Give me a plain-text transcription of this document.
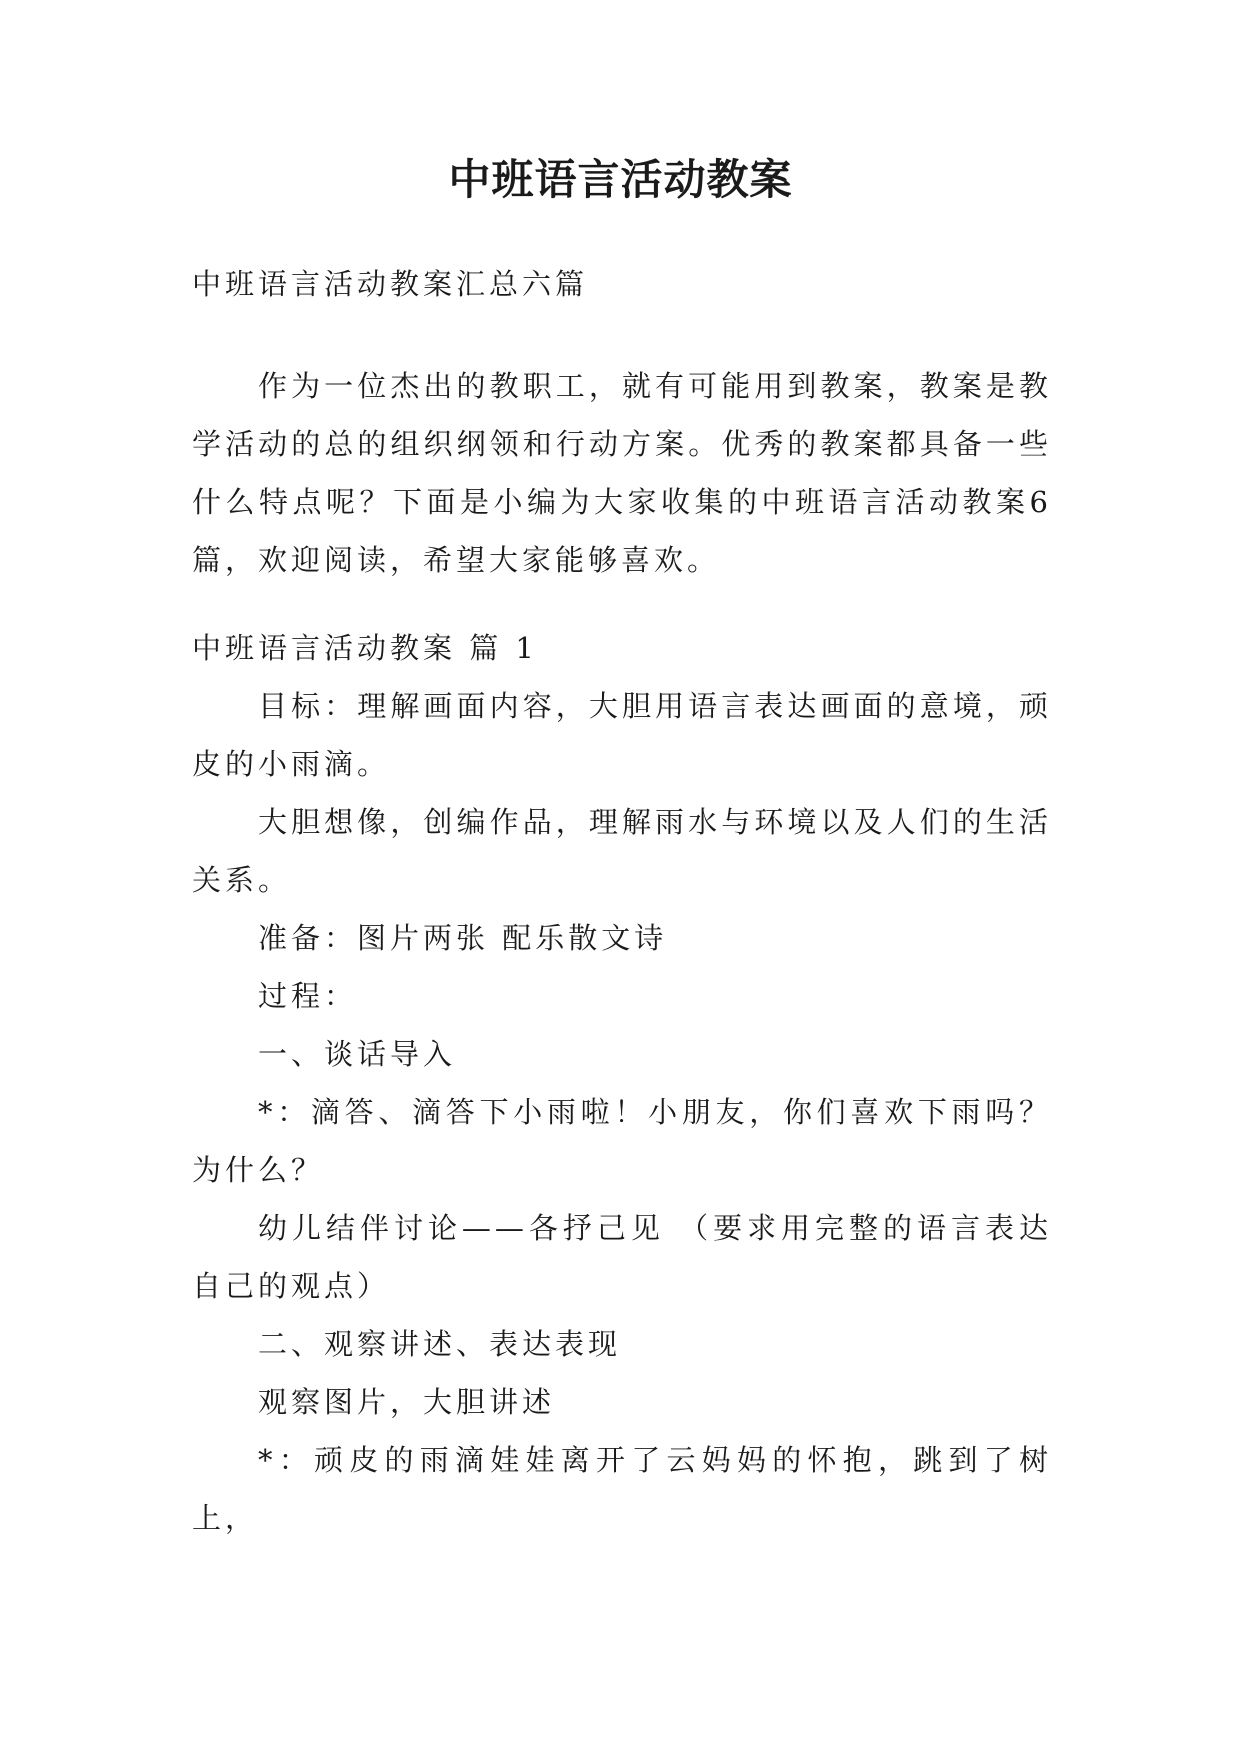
中班语言活动教案

中班语言活动教案汇总六篇

作为一位杰出的教职工，就有可能用到教案，教案是教学活动的总的组织纲领和行动方案。优秀的教案都具备一些什么特点呢？下面是小编为大家收集的中班语言活动教案6篇，欢迎阅读，希望大家能够喜欢。

中班语言活动教案 篇 1

目标：理解画面内容，大胆用语言表达画面的意境，顽皮的小雨滴。

大胆想像，创编作品，理解雨水与环境以及人们的生活关系。

准备：图片两张 配乐散文诗

过程：

一、谈话导入

*：滴答、滴答下小雨啦！小朋友，你们喜欢下雨吗？为什么？

幼儿结伴讨论——各抒己见 （要求用完整的语言表达自己的观点）

二、观察讲述、表达表现

观察图片，大胆讲述

*：顽皮的雨滴娃娃离开了云妈妈的怀抱，跳到了树上，
